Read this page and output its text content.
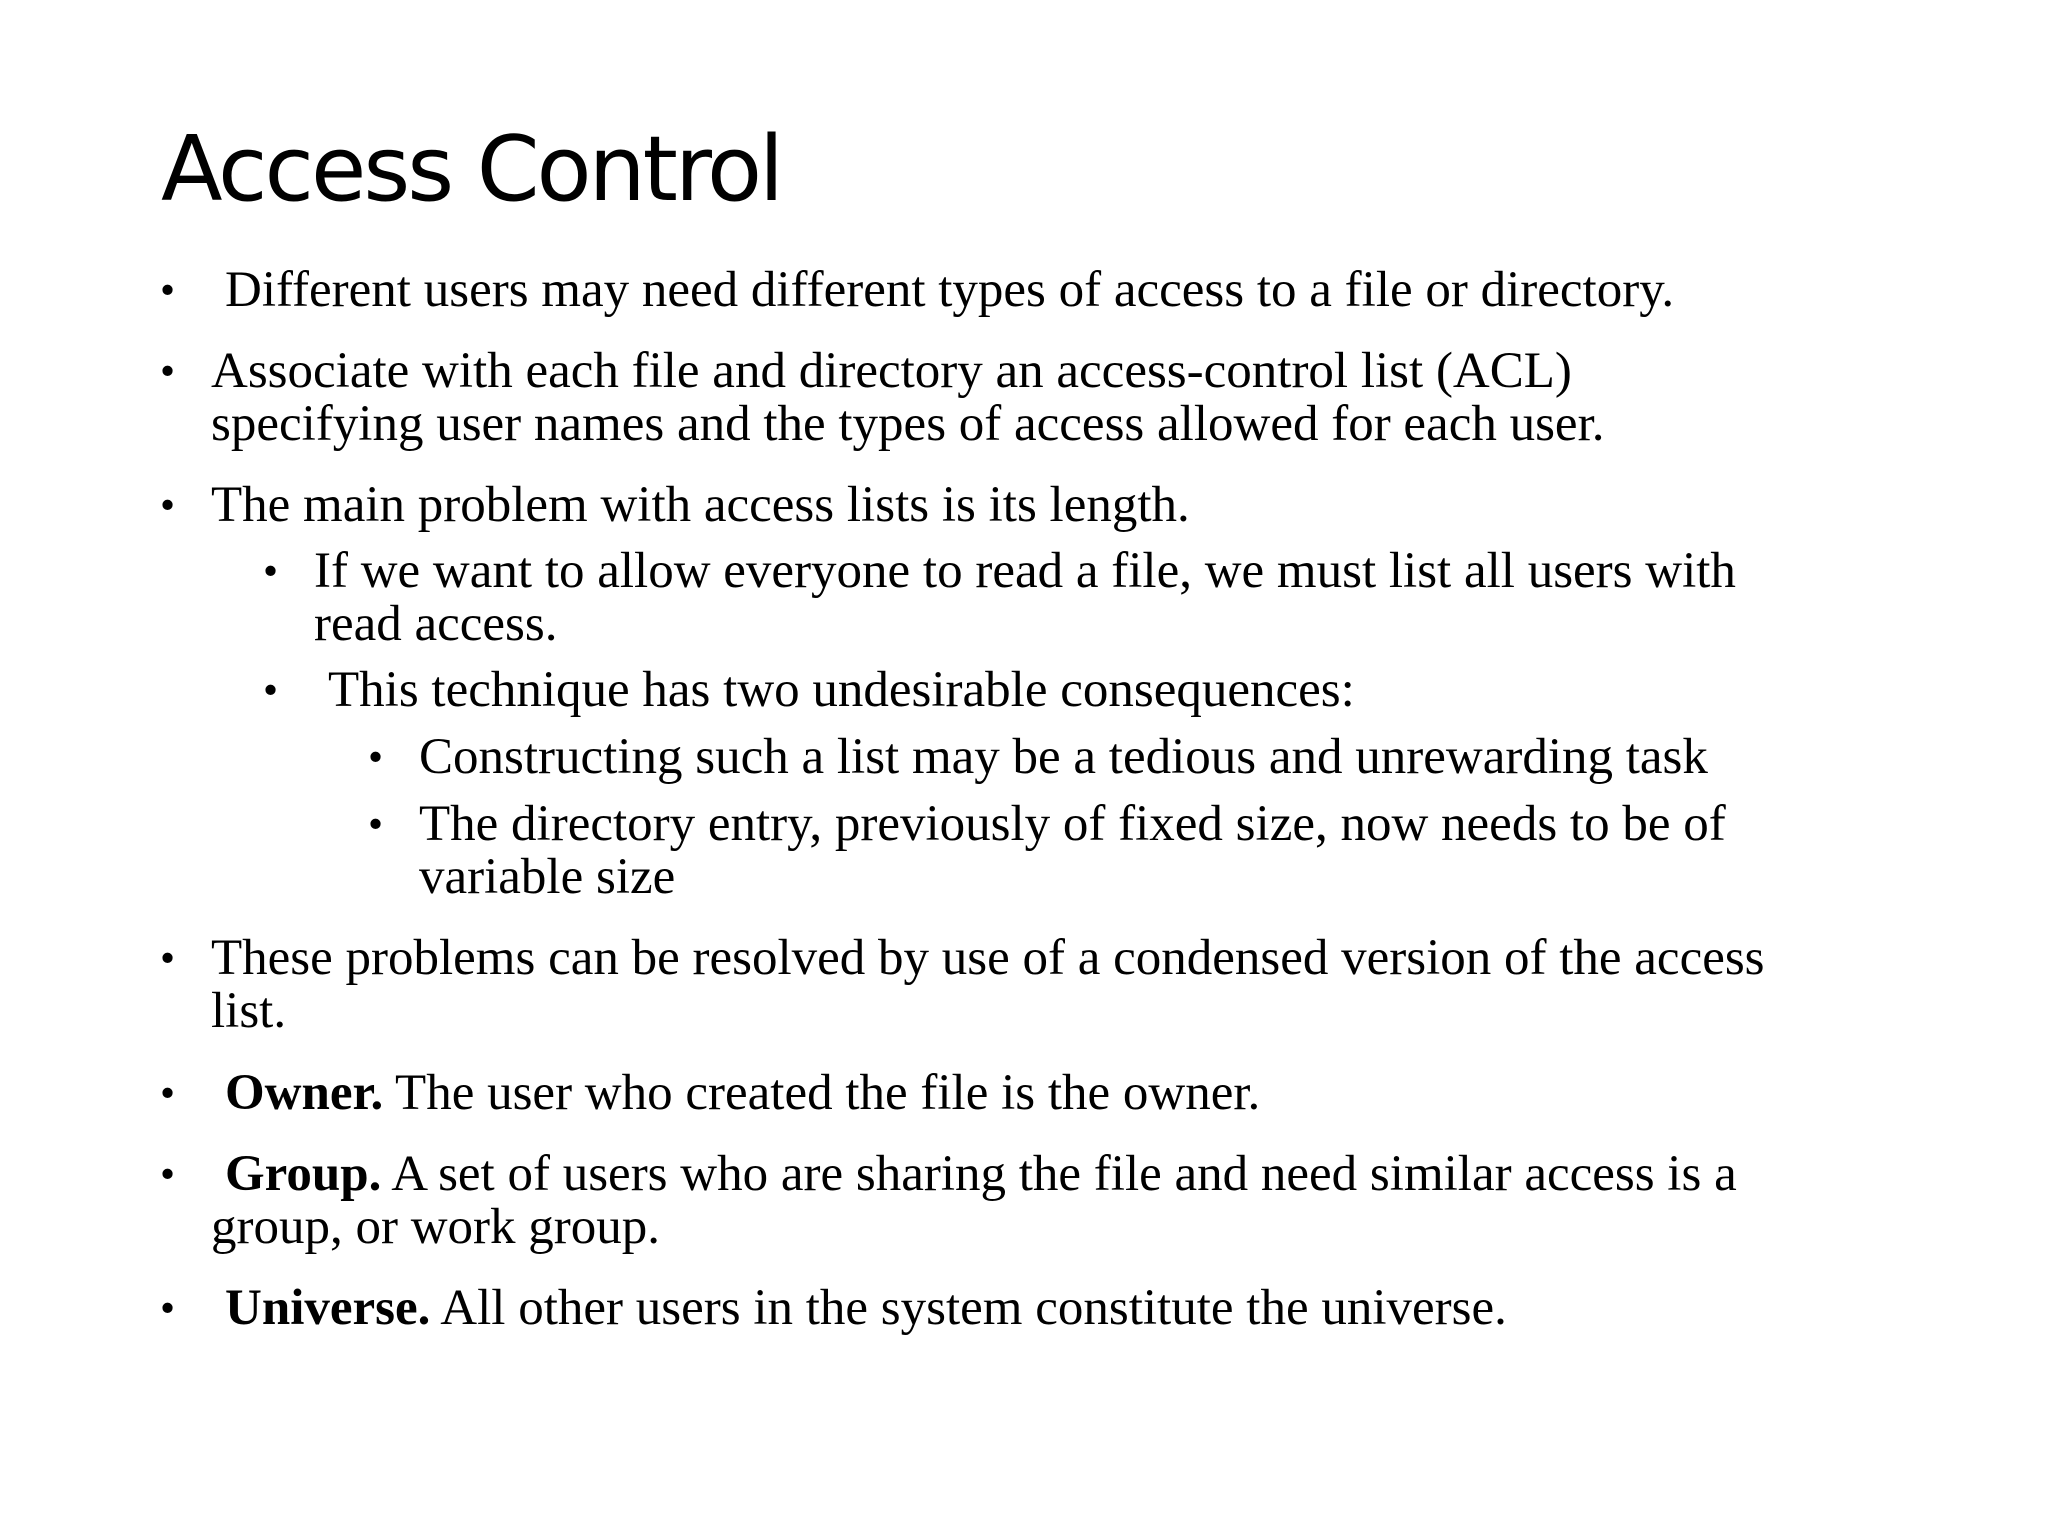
Access Control
• Different users may need different types of access to a file or directory.
• Associate with each file and directory an access-control list (ACL)
specifying user names and the types of access allowed for each user.
• The main problem with access lists is its length.
• If we want to allow everyone to read a file, we must list all users with
read access.
• This technique has two undesirable consequences:
• Constructing such a list may be a tedious and unrewarding task
• The directory entry, previously of fixed size, now needs to be of
variable size
• These problems can be resolved by use of a condensed version of the access
list.
• Owner. The user who created the file is the owner.
• Group. A set of users who are sharing the file and need similar access is a
group, or work group.
• Universe. All other users in the system constitute the universe.
